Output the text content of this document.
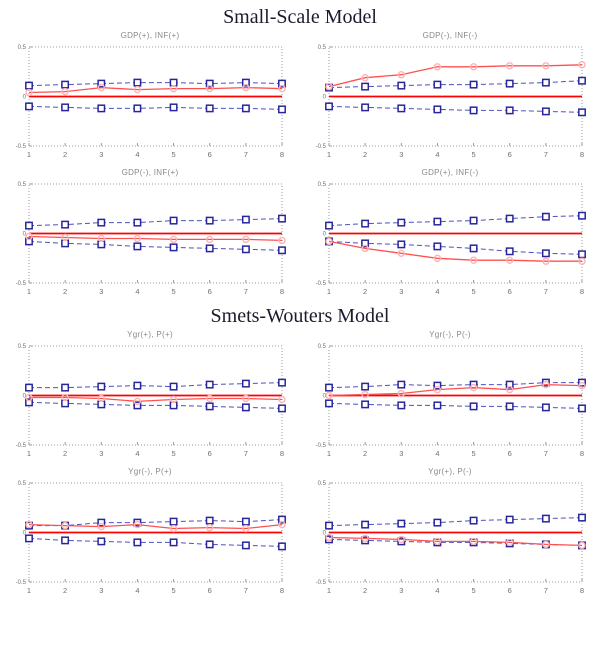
Small-Scale Model
GDP(+), INF(+)
0.5
0
-0.5
1	2	3	4	5	6	7	8
GDP(-), INF(-)
0.5
0
-0.5
1	2	3	4	5	6	7	8
GDP(-), INF(+)
0.5
0
-0.5
1	2	3	4	5	6	7	8
GDP(+), INF(-)
0.5
0
-0.5
1	2	3	4	5	6	7	8
Smets-Wouters Model
Ygr(+), P(+)
0.5
0
-0.5
1	2	3	4	5	6	7	8
Ygr(-), P(-)
0.5
0
-0.5
1	2	3	4	5	6	7	8
Ygr(-), P(+)
0.5
0
-0.5
1	2	3	4	5	6	7	8
Ygr(+), P(-)
0.5
0
-0.5
1	2	3	4	5	6	7	8
